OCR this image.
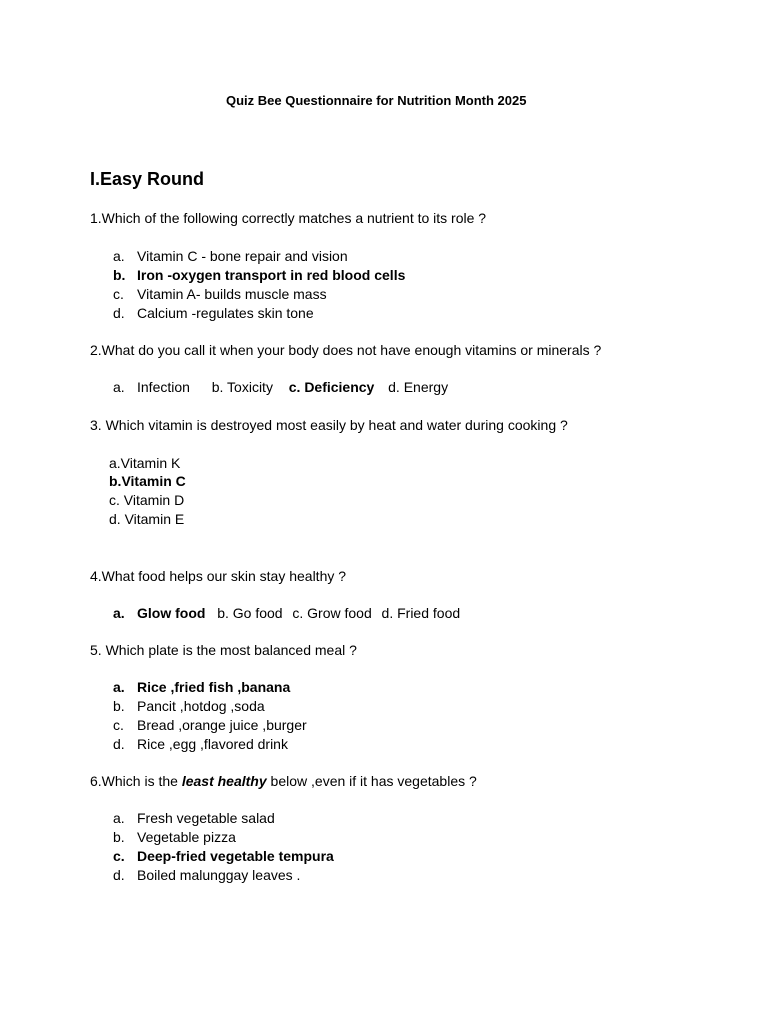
Quiz Bee Questionnaire for Nutrition Month 2025
I.Easy Round
1.Which of the following correctly matches a nutrient to its role ?
a. Vitamin C - bone repair and vision
b. Iron -oxygen transport in red blood cells
c. Vitamin A- builds muscle mass
d. Calcium -regulates skin tone
2.What do you call it when your body does not have enough vitamins or minerals ?
a. Infection b. Toxicity c. Deficiency d. Energy
3. Which vitamin is destroyed most easily by heat and water during cooking ?
a.Vitamin K
b.Vitamin C
c. Vitamin D
d. Vitamin E
4.What food helps our skin stay healthy ?
a. Glow food b. Go food c. Grow food d. Fried food
5. Which plate is the most balanced meal ?
a. Rice ,fried fish ,banana
b. Pancit ,hotdog ,soda
c. Bread ,orange juice ,burger
d. Rice ,egg ,flavored drink
6.Which is the least healthy below ,even if it has vegetables ?
a. Fresh vegetable salad
b. Vegetable pizza
c. Deep-fried vegetable tempura
d. Boiled malunggay leaves .
